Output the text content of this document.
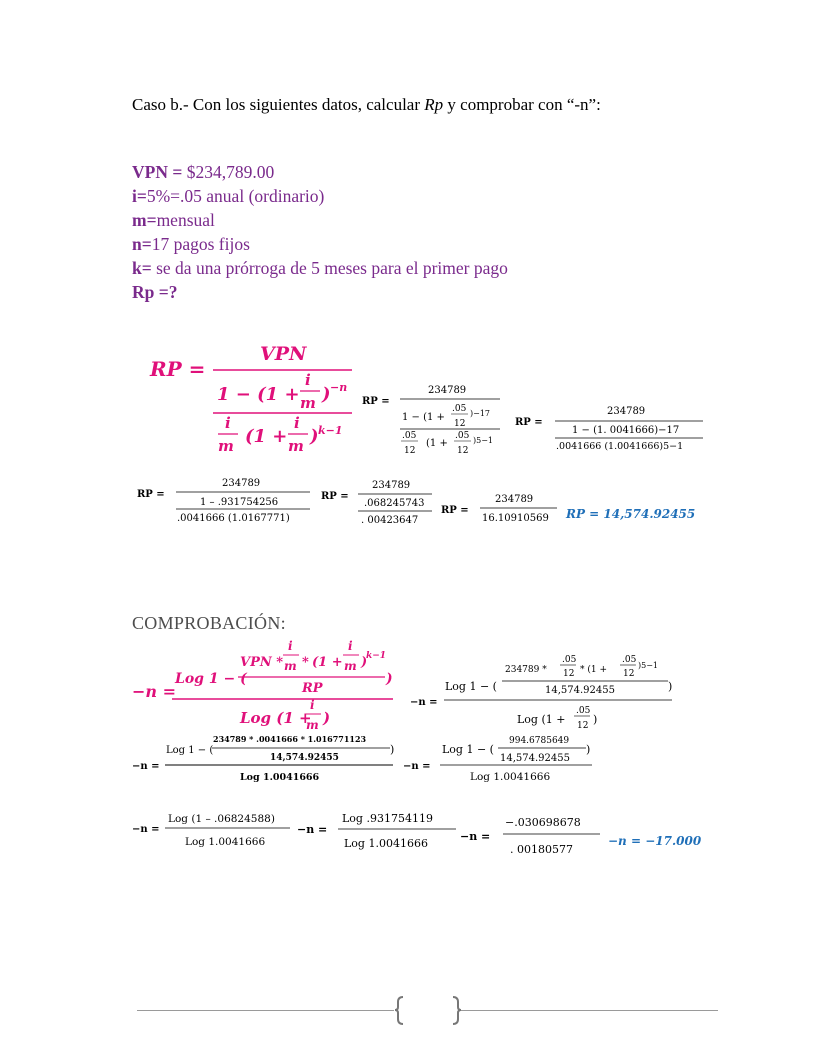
Caso b.- Con los siguientes datos, calcular Rp y comprobar con “-n”:
VPN = $234,789.00
i=5%=.05 anual (ordinario)
m=mensual
n=17 pagos fijos
k= se da una prórroga de 5 meses para el primer pago
Rp =?
RP =
VPN
1 − (1 +
i
m ) −n
i
m (1 +
i
m ) k−1
RP =
234789
1 − (1 +
.05
12
)−17
.05
12
(1 +
.05
12
)5−1
RP =
234789
1 − (1. 0041666)−17
.0041666 (1.0041666)5−1
RP =
234789
1 – .931754256
.0041666 (1.0167771)
RP =
234789
.068245743
. 00423647
RP =
234789
16.10910569 RP = 14,574.92455
−n =
Log 1 − (
VPN *
i
m * (1 +
i
m )
k−1
RP
)
Log (1 +
i
m )
−n =
Log 1 − (
234789 *
.05
12 * (1 +
.05
12
)5−1
14,574.92455	)
Log (1 +
.05
12 )
−n =
Log 1 − (
234789 * .0041666 * 1.016771123
14,574.92455
)
Log 1.0041666
−n =
Log 1 − (
994.6785649
14,574.92455
)
Log 1.0041666
−n =
Log (1 – .06824588)
Log 1.0041666
−n =
Log .931754119
Log 1.0041666
−n =
−.030698678
. 00180577
−n = −17.000
COMPROBACIÓN:
